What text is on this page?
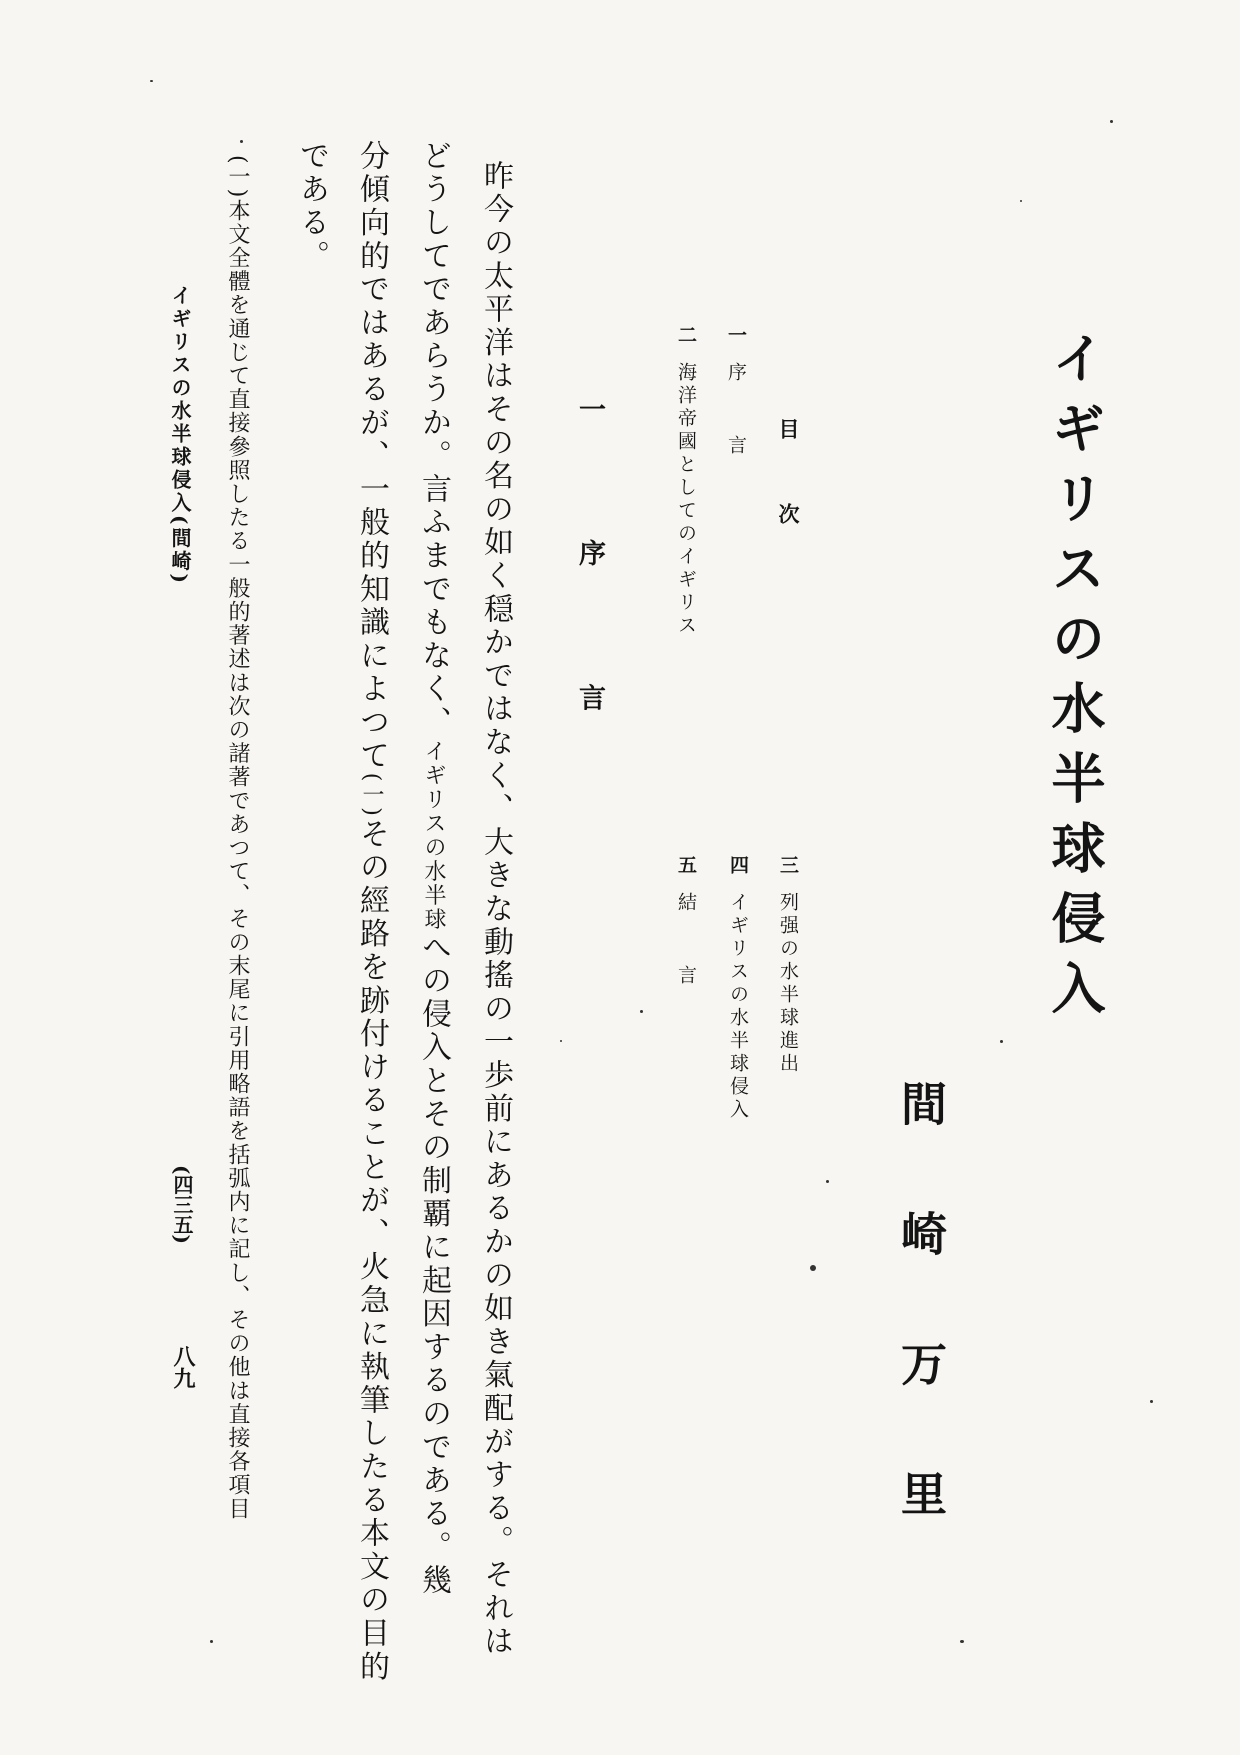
イギリスの水半球侵入
間崎万里
目次
一序言
二海洋帝國としてのイギリス
三列强の水半球進出
四イギリスの水半球侵入
五結言
一 序 言
昨今の太平洋はその名の如く穏かではなく、大きな動搖の一歩前にあるかの如き氣配がする。それは
どうしてであらうか。言ふまでもなく、イギリスの水半球への侵入とその制覇に起因するのである。幾
分傾向的ではあるが、一般的知識によつて(一)その經路を跡付けることが、火急に執筆したる本文の目的
である。
(一)本文全體を通じて直接參照したる一般的著述は次の諸著であつて、その末尾に引用略語を括弧内に記し、その他は直接各項目
イギリスの水半球侵入(間崎)
(四三五)
八九
